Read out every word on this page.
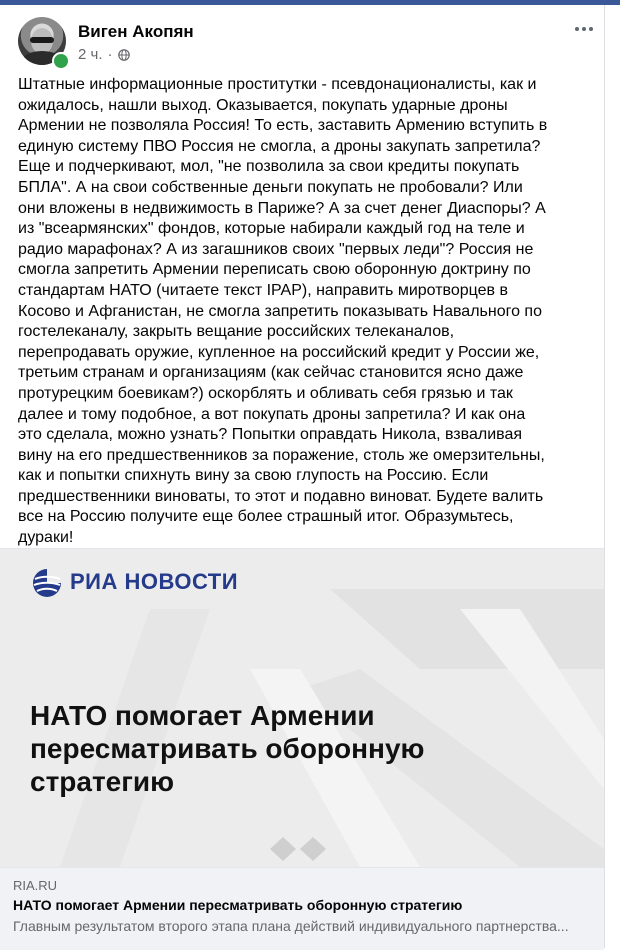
Виген Акопян
2 ч. ·
Штатные информационные проститутки - псевдонационалисты, как и
ожидалось, нашли выход. Оказывается, покупать ударные дроны
Армении не позволяла Россия! То есть, заставить Армению вступить в
единую систему ПВО Россия не смогла, а дроны закупать запретила?
Еще и подчеркивают, мол, "не позволила за свои кредиты покупать
БПЛА". А на свои собственные деньги покупать не пробовали? Или
они вложены в недвижимость в Париже? А за счет денег Диаспоры? А
из "всеармянских" фондов, которые набирали каждый год на теле и
радио марафонах? А из загашников своих "первых леди"? Россия не
смогла запретить Армении переписать свою оборонную доктрину по
стандартам НАТО (читаете текст IPAP), направить миротворцев в
Косово и Афганистан, не смогла запретить показывать Навального по
гостелеканалу, закрыть вещание российских телеканалов,
перепродавать оружие, купленное на российский кредит у России же,
третьим странам и организациям (как сейчас становится ясно даже
протурецким боевикам?) оскорблять и обливать себя грязью и так
далее и тому подобное, а вот покупать дроны запретила? И как она
это сделала, можно узнать? Попытки оправдать Никола, взваливая
вину на его предшественников за поражение, столь же омерзительны,
как и попытки спихнуть вину за свою глупость на Россию. Если
предшественники виноваты, то этот и подавно виноват. Будете валить
все на Россию получите еще более страшный итог. Образумьтесь,
дураки!
РИА НОВОСТИ
НАТО помогает Армении
пересматривать оборонную
стратегию
RIA.RU
НАТО помогает Армении пересматривать оборонную стратегию
Главным результатом второго этапа плана действий индивидуального партнерства...
